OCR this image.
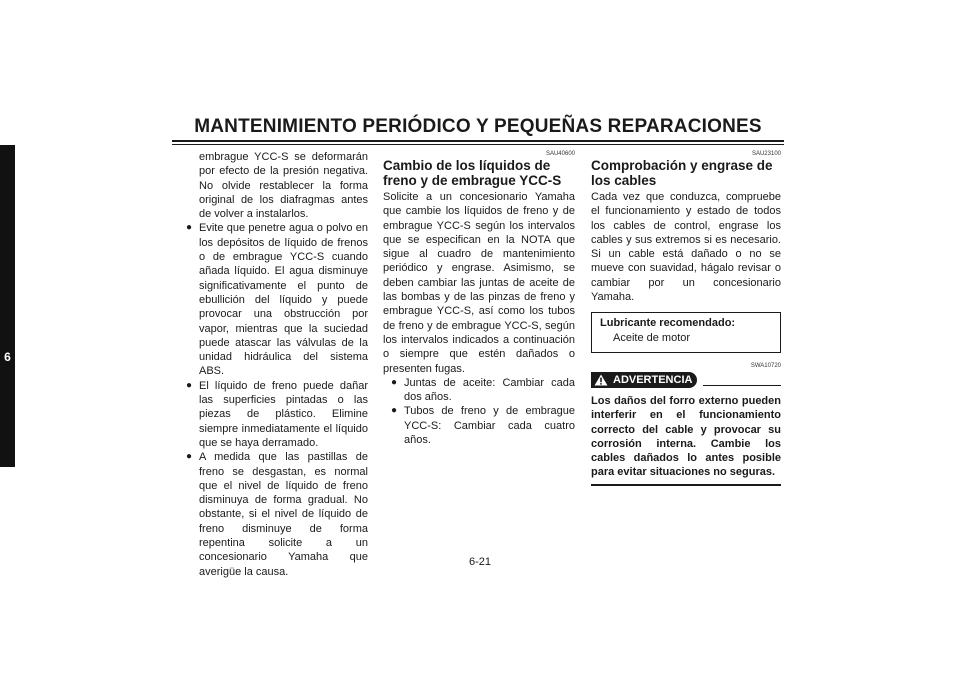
MANTENIMIENTO PERIÓDICO Y PEQUEÑAS REPARACIONES
6

embrague YCC-S se deformarán por efecto de la presión negativa. No olvide restablecer la forma original de los diafragmas antes de volver a instalarlos.

● Evite que penetre agua o polvo en los depósitos de líquido de frenos o de embrague YCC-S cuando añada líquido. El agua disminuye significativamente el punto de ebullición del líquido y puede provocar una obstrucción por vapor, mientras que la suciedad puede atascar las válvulas de la unidad hidráulica del sistema ABS.
● El líquido de freno puede dañar las superficies pintadas o las piezas de plástico. Elimine siempre inmediatamente el líquido que se haya derramado.
● A medida que las pastillas de freno se desgastan, es normal que el nivel de líquido de freno disminuya de forma gradual. No obstante, si el nivel de líquido de freno disminuye de forma repentina solicite a un concesionario Yamaha que averigüe la causa.
SAU40600
Cambio de los líquidos de freno y de embrague YCC-S

Solicite a un concesionario Yamaha que cambie los líquidos de freno y de embrague YCC-S según los intervalos que se especifican en la NOTA que sigue al cuadro de mantenimiento periódico y engrase. Asimismo, se deben cambiar las juntas de aceite de las bombas y de las pinzas de freno y embrague YCC-S, así como los tubos de freno y de embrague YCC-S, según los intervalos indicados a continuación o siempre que estén dañados o presenten fugas.

● Juntas de aceite: Cambiar cada dos años.
● Tubos de freno y de embrague YCC-S: Cambiar cada cuatro años.
SAU23100
Comprobación y engrase de los cables

Cada vez que conduzca, compruebe el funcionamiento y estado de todos los cables de control, engrase los cables y sus extremos si es necesario. Si un cable está dañado o no se mueve con suavidad, hágalo revisar o cambiar por un concesionario Yamaha.

Lubricante recomendado:
Aceite de motor
SWA10720
ADVERTENCIA

Los daños del forro externo pueden interferir en el funcionamiento correcto del cable y provocar su corrosión interna. Cambie los cables dañados lo antes posible para evitar situaciones no seguras.

6-21
